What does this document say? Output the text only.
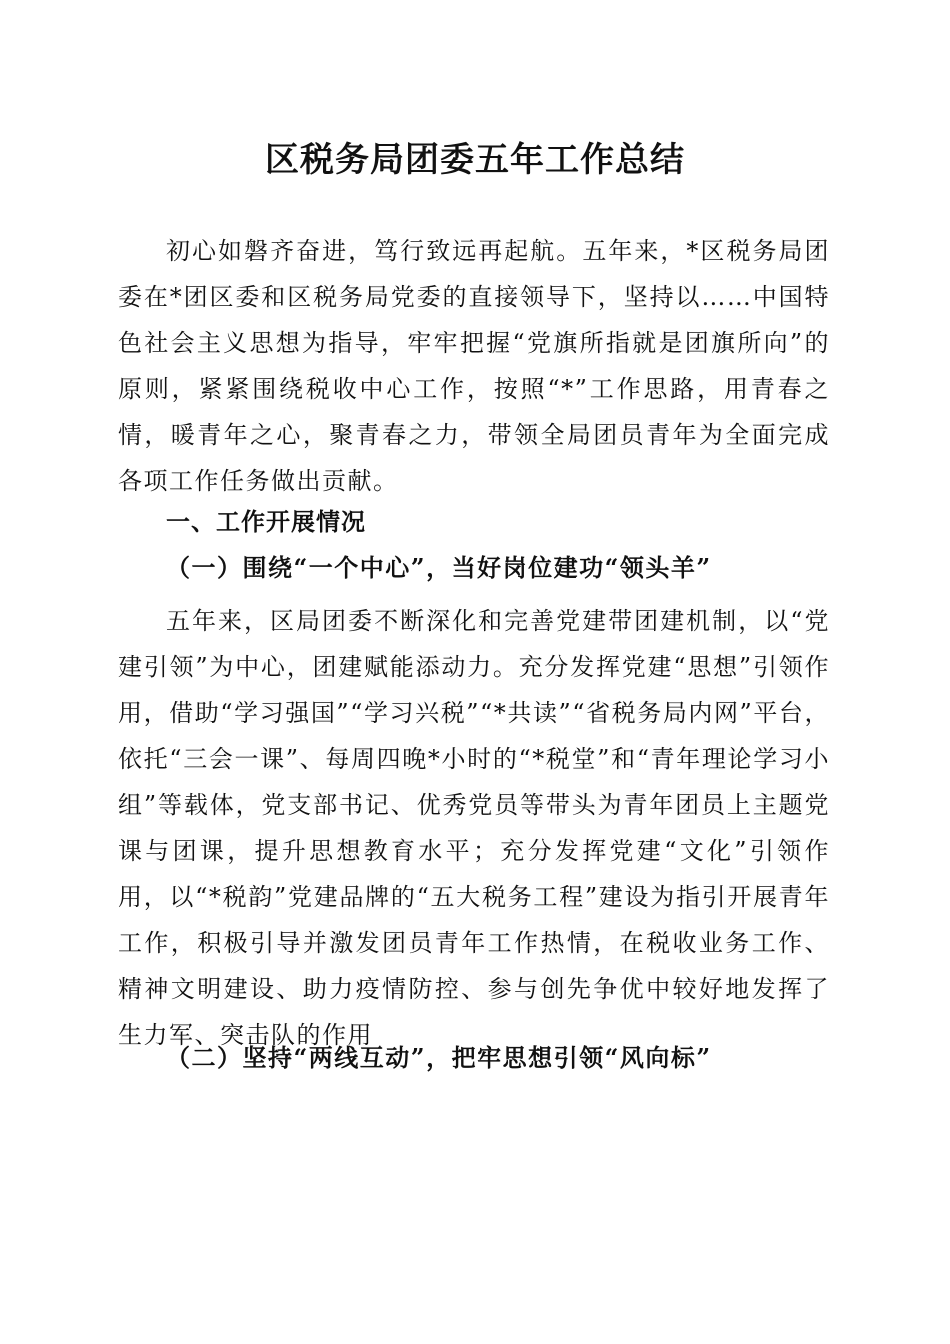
区税务局团委五年工作总结

初心如磐齐奋进，笃行致远再起航。五年来，*区税务局团委在*团区委和区税务局党委的直接领导下，坚持以……中国特色社会主义思想为指导，牢牢把握“党旗所指就是团旗所向”的原则，紧紧围绕税收中心工作，按照“*”工作思路，用青春之情，暖青年之心，聚青春之力，带领全局团员青年为全面完成各项工作任务做出贡献。

一、工作开展情况
（一）围绕“一个中心”，当好岗位建功“领头羊”

五年来，区局团委不断深化和完善党建带团建机制，以“党建引领”为中心，团建赋能添动力。充分发挥党建“思想”引领作用，借助“学习强国”“学习兴税”“*共读”“省税务局内网”平台，依托“三会一课”、每周四晚*小时的“*税堂”和“青年理论学习小组”等载体，党支部书记、优秀党员等带头为青年团员上主题党课与团课，提升思想教育水平；充分发挥党建“文化”引领作用，以“*税韵”党建品牌的“五大税务工程”建设为指引开展青年工作，积极引导并激发团员青年工作热情，在税收业务工作、精神文明建设、助力疫情防控、参与创先争优中较好地发挥了生力军、突击队的作用

（二）坚持“两线互动”，把牢思想引领“风向标”
